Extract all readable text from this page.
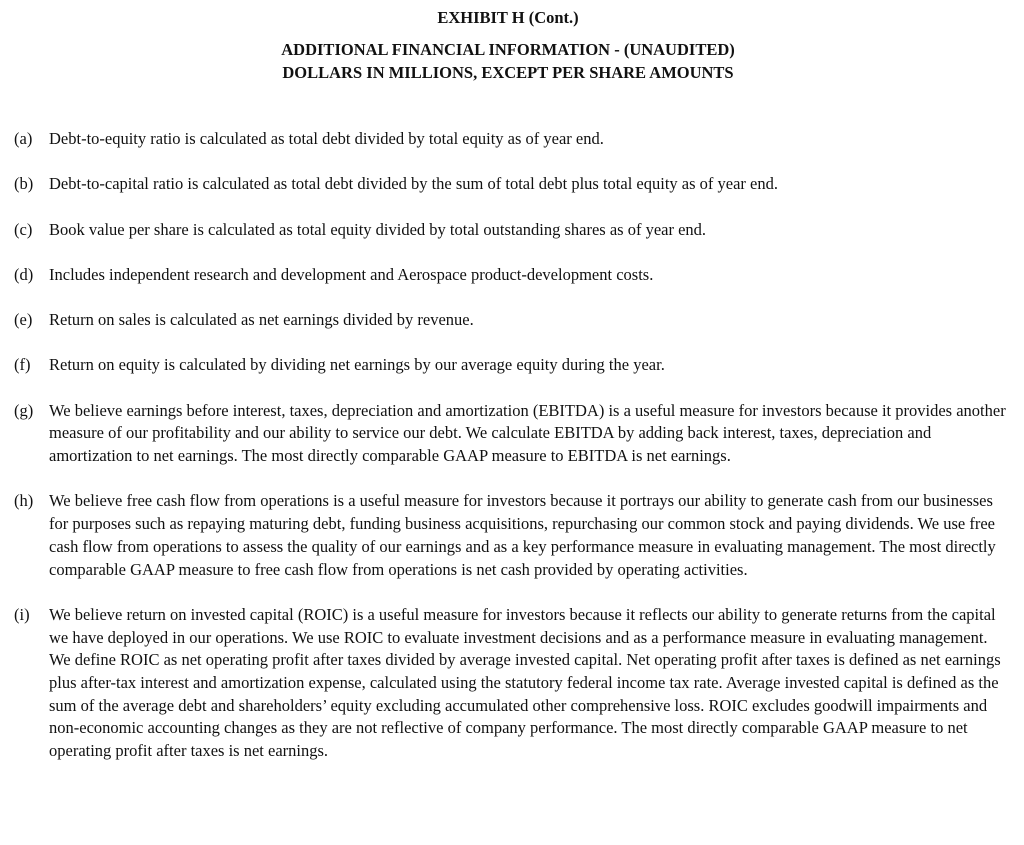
EXHIBIT H (Cont.)
ADDITIONAL FINANCIAL INFORMATION - (UNAUDITED)
DOLLARS IN MILLIONS, EXCEPT PER SHARE AMOUNTS
(a)	Debt-to-equity ratio is calculated as total debt divided by total equity as of year end.
(b) Debt-to-capital ratio is calculated as total debt divided by the sum of total debt plus total equity as of year end.
(c)	Book value per share is calculated as total equity divided by total outstanding shares as of year end.
(d) Includes independent research and development and Aerospace product-development costs.
(e)	Return on sales is calculated as net earnings divided by revenue.
(f)	Return on equity is calculated by dividing net earnings by our average equity during the year.
(g) We believe earnings before interest, taxes, depreciation and amortization (EBITDA) is a useful measure for investors because it provides another measure of our profitability and our ability to service our debt. We calculate EBITDA by adding back interest, taxes, depreciation and amortization to net earnings. The most directly comparable GAAP measure to EBITDA is net earnings.
(h) We believe free cash flow from operations is a useful measure for investors because it portrays our ability to generate cash from our businesses for purposes such as repaying maturing debt, funding business acquisitions, repurchasing our common stock and paying dividends. We use free cash flow from operations to assess the quality of our earnings and as a key performance measure in evaluating management. The most directly comparable GAAP measure to free cash flow from operations is net cash provided by operating activities.
(i)	We believe return on invested capital (ROIC) is a useful measure for investors because it reflects our ability to generate returns from the capital we have deployed in our operations. We use ROIC to evaluate investment decisions and as a performance measure in evaluating management. We define ROIC as net operating profit after taxes divided by average invested capital. Net operating profit after taxes is defined as net earnings plus after-tax interest and amortization expense, calculated using the statutory federal income tax rate. Average invested capital is defined as the sum of the average debt and shareholders’ equity excluding accumulated other comprehensive loss. ROIC excludes goodwill impairments and non-economic accounting changes as they are not reflective of company performance. The most directly comparable GAAP measure to net operating profit after taxes is net earnings.
